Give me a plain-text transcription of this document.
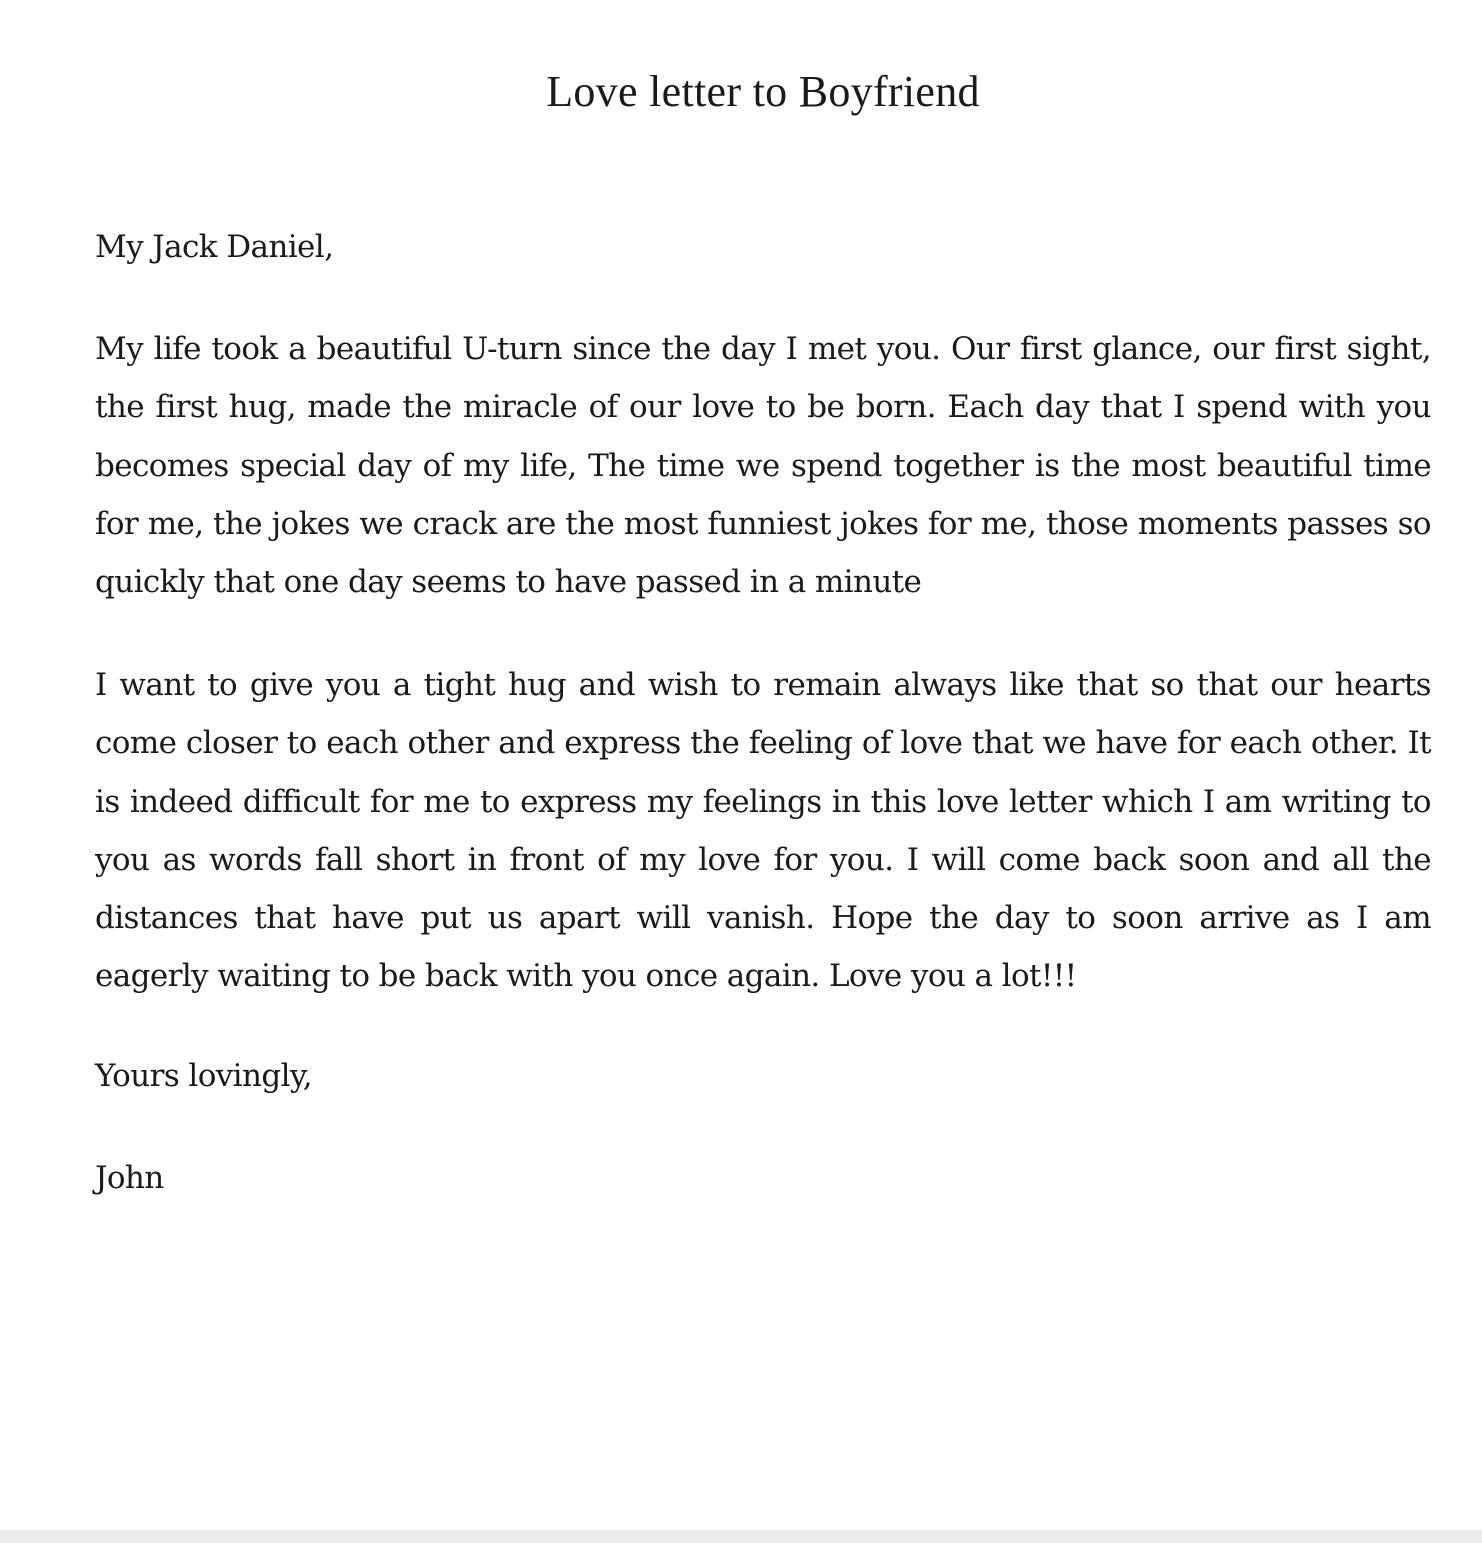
Love letter to Boyfriend
My Jack Daniel,
My life took a beautiful U-turn since the day I met you. Our first glance, our first sight, the first hug, made the miracle of our love to be born. Each day that I spend with you becomes special day of my life, The time we spend together is the most beautiful time for me, the jokes we crack are the most funniest jokes for me, those moments passes so quickly that one day seems to have passed in a minute
I want to give you a tight hug and wish to remain always like that so that our hearts come closer to each other and express the feeling of love that we have for each other. It is indeed difficult for me to express my feelings in this love letter which I am writing to you as words fall short in front of my love for you. I will come back soon and all the distances that have put us apart will vanish. Hope the day to soon arrive as I am eagerly waiting to be back with you once again. Love you a lot!!!
Yours lovingly,
John
